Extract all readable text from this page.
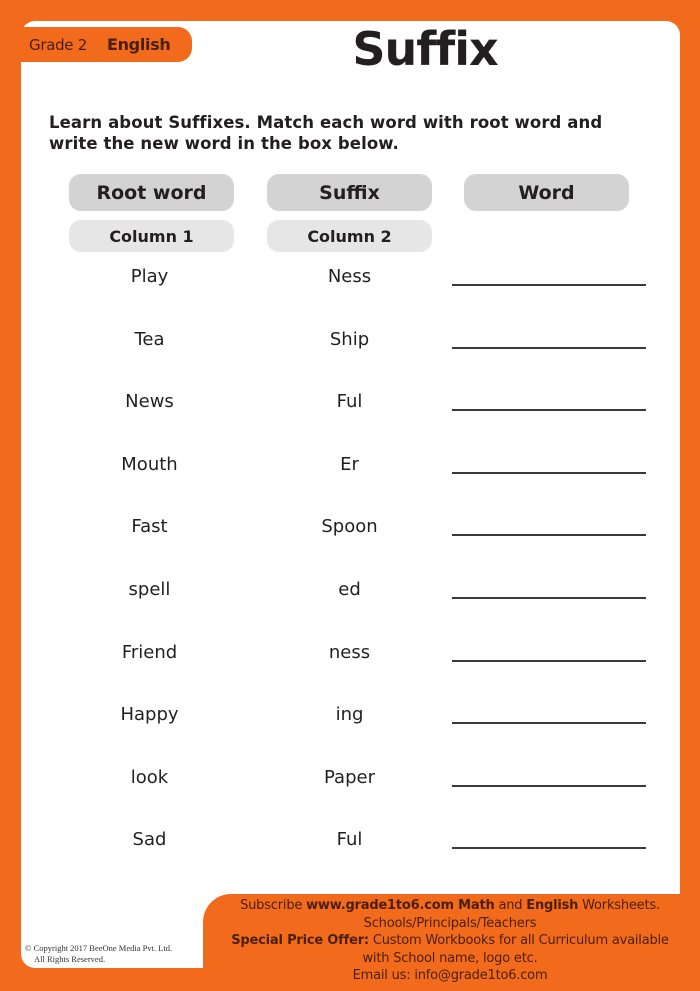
Grade 2 English	Suffix
Learn about Suffixes. Match each word with root word and write the new word in the box below.
Root word	Suffix	Word
Column 1	Column 2
Play	Ness
Tea	Ship
News	Ful
Mouth	Er
Fast	Spoon
spell	ed
Friend	ness
Happy	ing
look	Paper
Sad	Ful
© Copyright 2017 BeeOne Media Pvt. Ltd.
All Rights Reserved.
Subscribe www.grade1to6.com Math and English Worksheets.
Schools/Principals/Teachers
Special Price Offer: Custom Workbooks for all Curriculum available
with School name, logo etc.
Email us: info@grade1to6.com
